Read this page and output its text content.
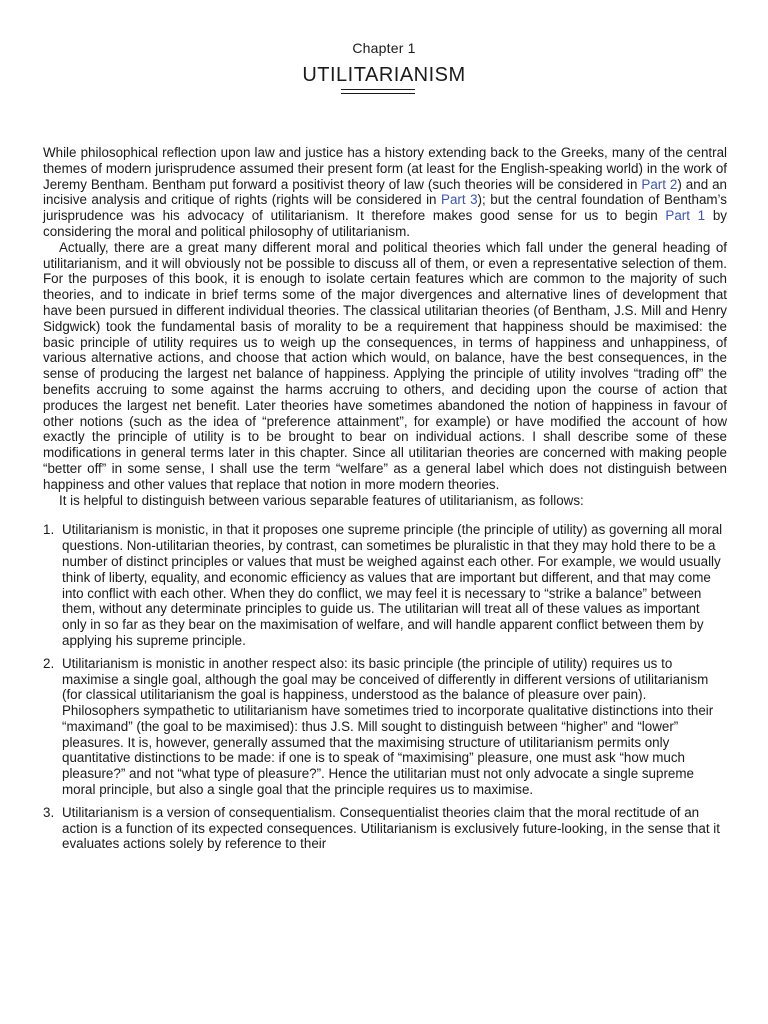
Chapter 1
UTILITARIANISM

While philosophical reflection upon law and justice has a history extending back to the Greeks, many of the central themes of modern jurisprudence assumed their present form (at least for the English-speaking world) in the work of Jeremy Bentham. Bentham put forward a positivist theory of law (such theories will be considered in Part 2) and an incisive analysis and critique of rights (rights will be considered in Part 3); but the central foundation of Bentham’s jurisprudence was his advocacy of utilitarianism. It therefore makes good sense for us to begin Part 1 by considering the moral and political philosophy of utilitarianism.

Actually, there are a great many different moral and political theories which fall under the general heading of utilitarianism, and it will obviously not be possible to discuss all of them, or even a representative selection of them. For the purposes of this book, it is enough to isolate certain features which are common to the majority of such theories, and to indicate in brief terms some of the major divergences and alternative lines of development that have been pursued in different individual theories. The classical utilitarian theories (of Bentham, J.S. Mill and Henry Sidgwick) took the fundamental basis of morality to be a requirement that happiness should be maximised: the basic principle of utility requires us to weigh up the consequences, in terms of happiness and unhappiness, of various alternative actions, and choose that action which would, on balance, have the best consequences, in the sense of producing the largest net balance of happiness. Applying the principle of utility involves “trading off” the benefits accruing to some against the harms accruing to others, and deciding upon the course of action that produces the largest net benefit. Later theories have sometimes abandoned the notion of happiness in favour of other notions (such as the idea of “preference attainment”, for example) or have modified the account of how exactly the principle of utility is to be brought to bear on individual actions. I shall describe some of these modifications in general terms later in this chapter. Since all utilitarian theories are concerned with making people “better off” in some sense, I shall use the term “welfare” as a general label which does not distinguish between happiness and other values that replace that notion in more modern theories.

It is helpful to distinguish between various separable features of utilitarianism, as follows:

1. Utilitarianism is monistic, in that it proposes one supreme principle (the principle of utility) as governing all moral questions. Non-utilitarian theories, by contrast, can sometimes be pluralistic in that they may hold there to be a number of distinct principles or values that must be weighed against each other. For example, we would usually think of liberty, equality, and economic efficiency as values that are important but different, and that may come into conflict with each other. When they do conflict, we may feel it is necessary to “strike a balance” between them, without any determinate principles to guide us. The utilitarian will treat all of these values as important only in so far as they bear on the maximisation of welfare, and will handle apparent conflict between them by applying his supreme principle.
2. Utilitarianism is monistic in another respect also: its basic principle (the principle of utility) requires us to maximise a single goal, although the goal may be conceived of differently in different versions of utilitarianism (for classical utilitarianism the goal is happiness, understood as the balance of pleasure over pain). Philosophers sympathetic to utilitarianism have sometimes tried to incorporate qualitative distinctions into their “maximand” (the goal to be maximised): thus J.S. Mill sought to distinguish between “higher” and “lower” pleasures. It is, however, generally assumed that the maximising structure of utilitarianism permits only quantitative distinctions to be made: if one is to speak of “maximising” pleasure, one must ask “how much pleasure?” and not “what type of pleasure?”. Hence the utilitarian must not only advocate a single supreme moral principle, but also a single goal that the principle requires us to maximise.
3. Utilitarianism is a version of consequentialism. Consequentialist theories claim that the moral rectitude of an action is a function of its expected consequences. Utilitarianism is exclusively future-looking, in the sense that it evaluates actions solely by reference to their
